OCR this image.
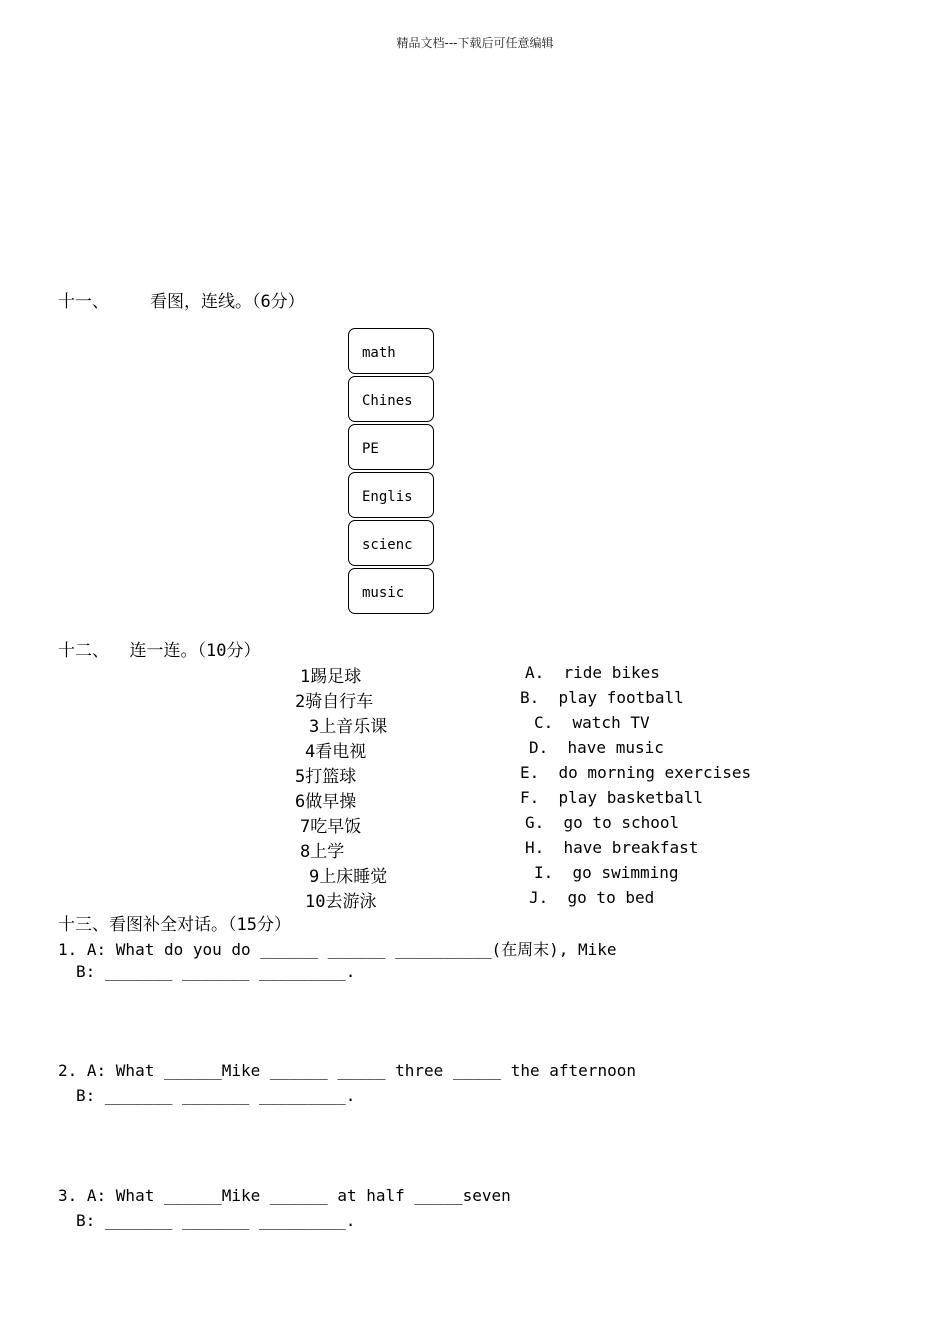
精品文档---下载后可任意编辑
十一、    看图，连线。（6分）
math
Chines
PE
Englis
scienc
music
十二、  连一连。（10分）
1踢足球
2骑自行车
3上音乐课
4看电视
5打篮球
6做早操
7吃早饭
8上学
9上床睡觉
10去游泳
A.  ride bikes
B.  play football
C.  watch TV
D.  have music
E.  do morning exercises
F.  play basketball
G.  go to school
H.  have breakfast
I.  go swimming
J.  go to bed
十三、看图补全对话。（15分）
1. A: What do you do ______ ______ __________(在周末), Mike
B: _______ _______ _________.
2. A: What ______Mike ______ _____ three _____ the afternoon
B: _______ _______ _________.
3. A: What ______Mike ______ at half _____seven
B: _______ _______ _________.
